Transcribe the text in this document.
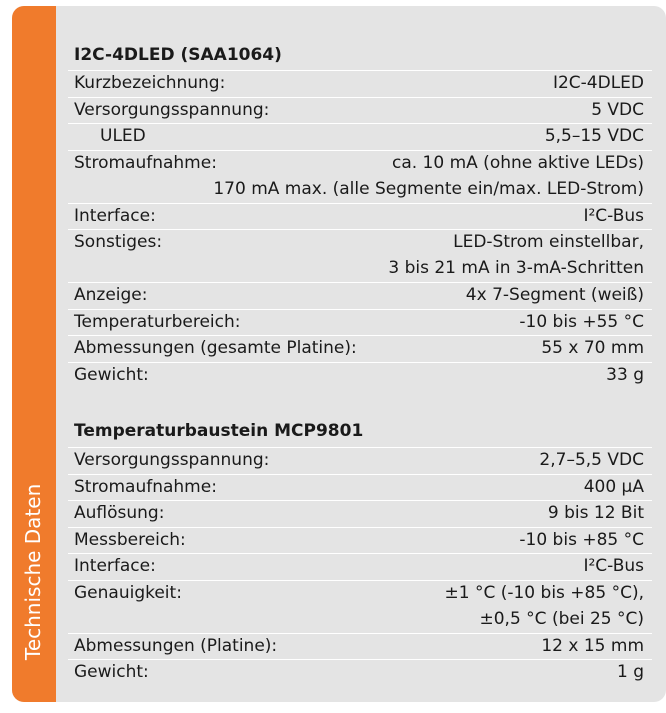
Technische Daten
I2C-4DLED (SAA1064)
Kurzbezeichnung:	I2C-4DLED
Versorgungsspannung:	5 VDC
ULED	5,5–15 VDC
Stromaufnahme:	ca. 10 mA (ohne aktive LEDs)
170 mA max. (alle Segmente ein/max. LED-Strom)
Interface:	I²C-Bus
Sonstiges:	LED-Strom einstellbar,
3 bis 21 mA in 3-mA-Schritten
Anzeige:	4x 7-Segment (weiß)
Temperaturbereich:	-10 bis +55 °C
Abmessungen (gesamte Platine):	55 x 70 mm
Gewicht:	33 g
Temperaturbaustein MCP9801
Versorgungsspannung:	2,7–5,5 VDC
Stromaufnahme:	400 µA
Auflösung:	9 bis 12 Bit
Messbereich:	-10 bis +85 °C
Interface:	I²C-Bus
Genauigkeit:	±1 °C (-10 bis +85 °C),
±0,5 °C (bei 25 °C)
Abmessungen (Platine):	12 x 15 mm
Gewicht:	1 g
